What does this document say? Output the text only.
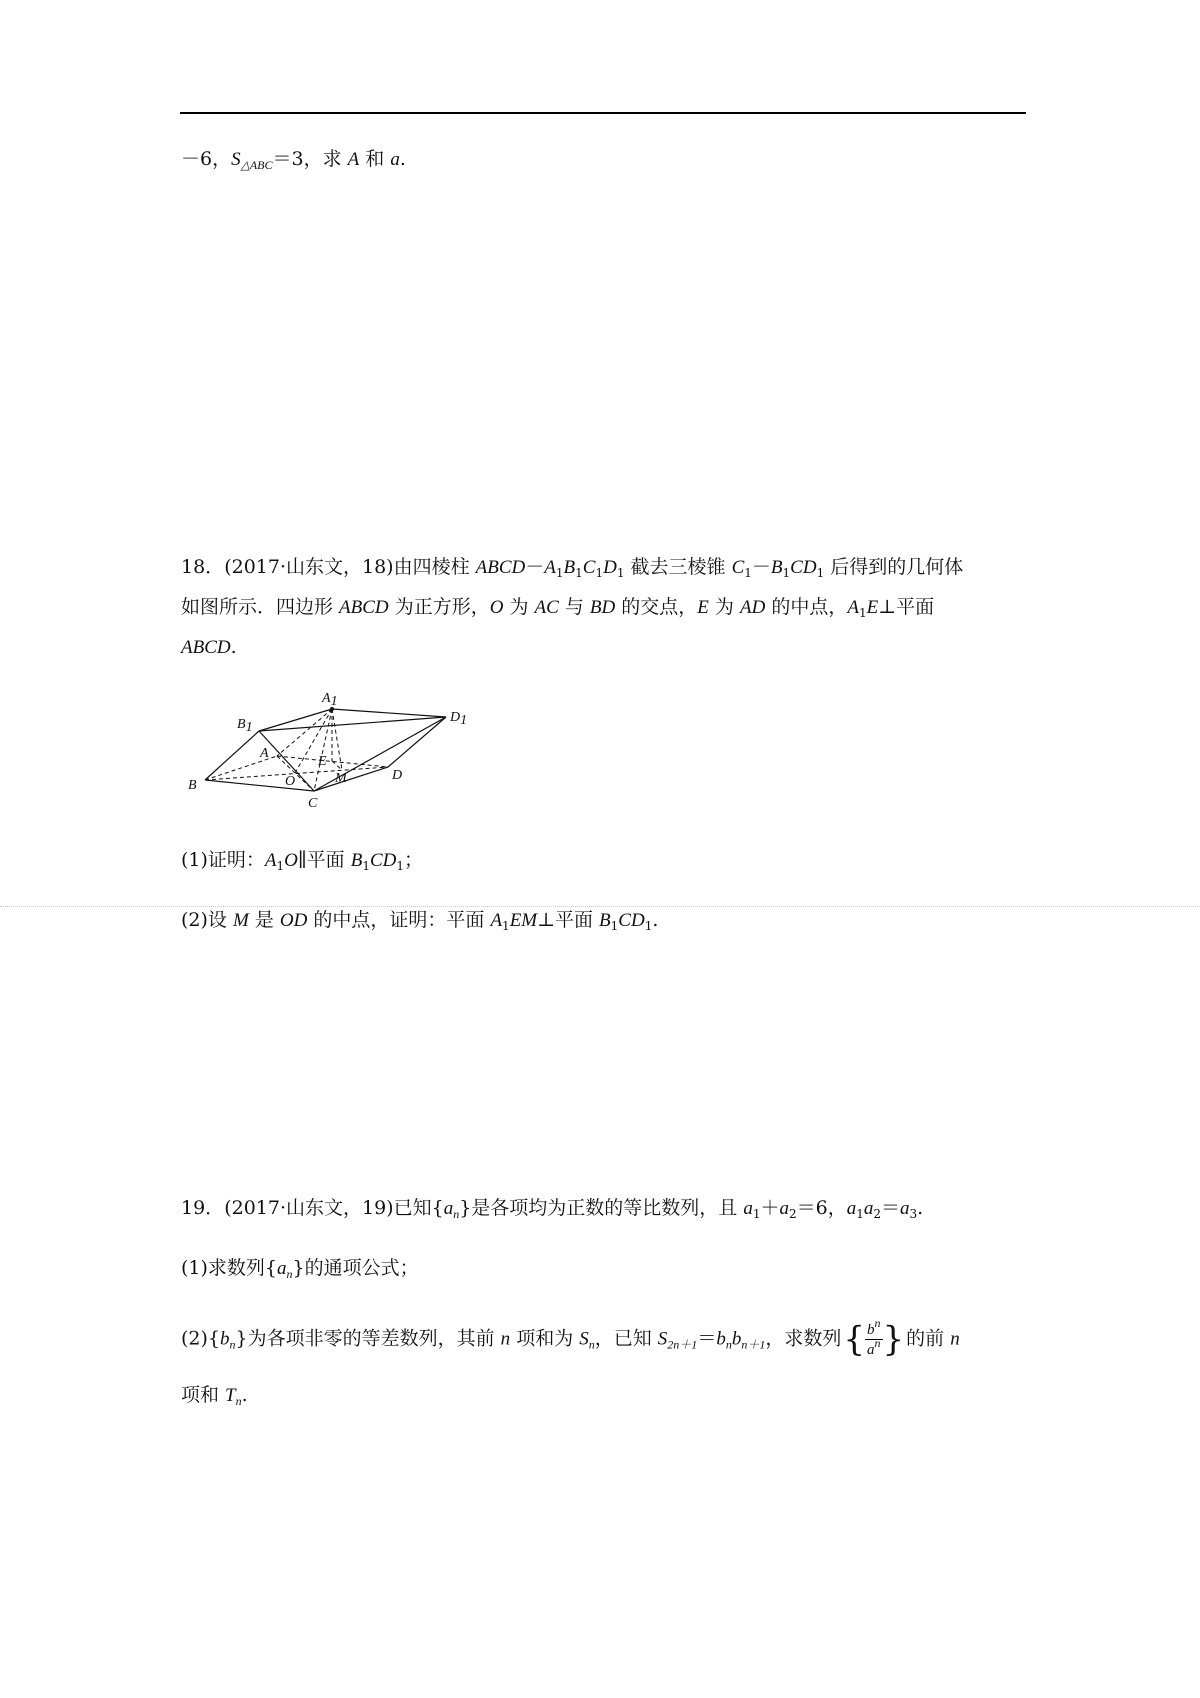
－6，$S_{\triangle ABC}=3$，求 A 和 a.
18．(2017·山东文，18)由四棱柱 $ABCD-A_1B_1C_1D_1$ 截去三棱锥 $C_1-B_1CD_1$ 后得到的几何体
如图所示．四边形 ABCD 为正方形，O 为 AC 与 BD 的交点，E 为 AD 的中点，$A_1E\perp$平面
ABCD.
A1
B1
D1
A
E
B	O	M	D
C
(1)证明：$A_1O\parallel$平面 $B_1CD_1$；
(2)设 M 是 OD 的中点，证明：平面 $A_1EM\perp$平面 $B_1CD_1$.
19．(2017·山东文，19)已知$\{a_n\}$是各项均为正数的等比数列，且 $a_1+a_2=6$，$a_1a_2=a_3$.
(1)求数列$\{a_n\}$的通项公式；
$(2)\{b_n\}$为各项非零的等差数列，其前 n 项和为 $S_n$，已知 $S_{2n+1}=b_nb_{n+1}$，求数列{ $\frac{b^n}{a^n}$ } 的前 n
项和 $T_n$.
